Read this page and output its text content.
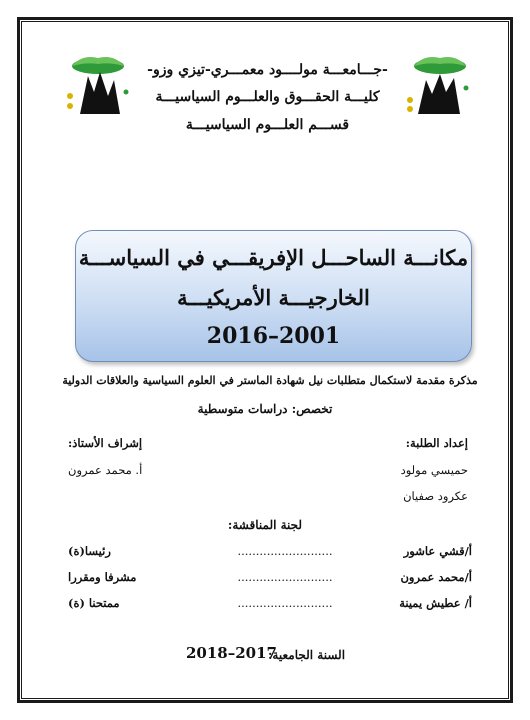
-جـــامعـــة مولــــود معمـــري-تيزي وزو-
كليـــة الحقـــوق والعلـــوم السياسيـــة
قســـم العلـــوم السياسيـــة
مكانـــة الساحـــل الإفريقـــي في السياســـة
الخارجيـــة الأمريكيـــة
2016–2001
مذكرة مقدمة لاستكمال متطلبات نيل شهادة الماستر في العلوم السياسية والعلاقات الدولية
تخصص: دراسات متوسطية
إعداد الطلبة:
حميسي مولود
عكرود صفيان
إشراف الأستاذ:
أ. محمد عمرون
لجنة المناقشة:
أ/قشي عاشور
..........................
رئيسا(ة)
أ/محمد عمرون
..........................
مشرفا ومقررا
أ/ عطيش يمينة
..........................
ممتحنا (ة)
السنة الجامعية:
2018–2017
